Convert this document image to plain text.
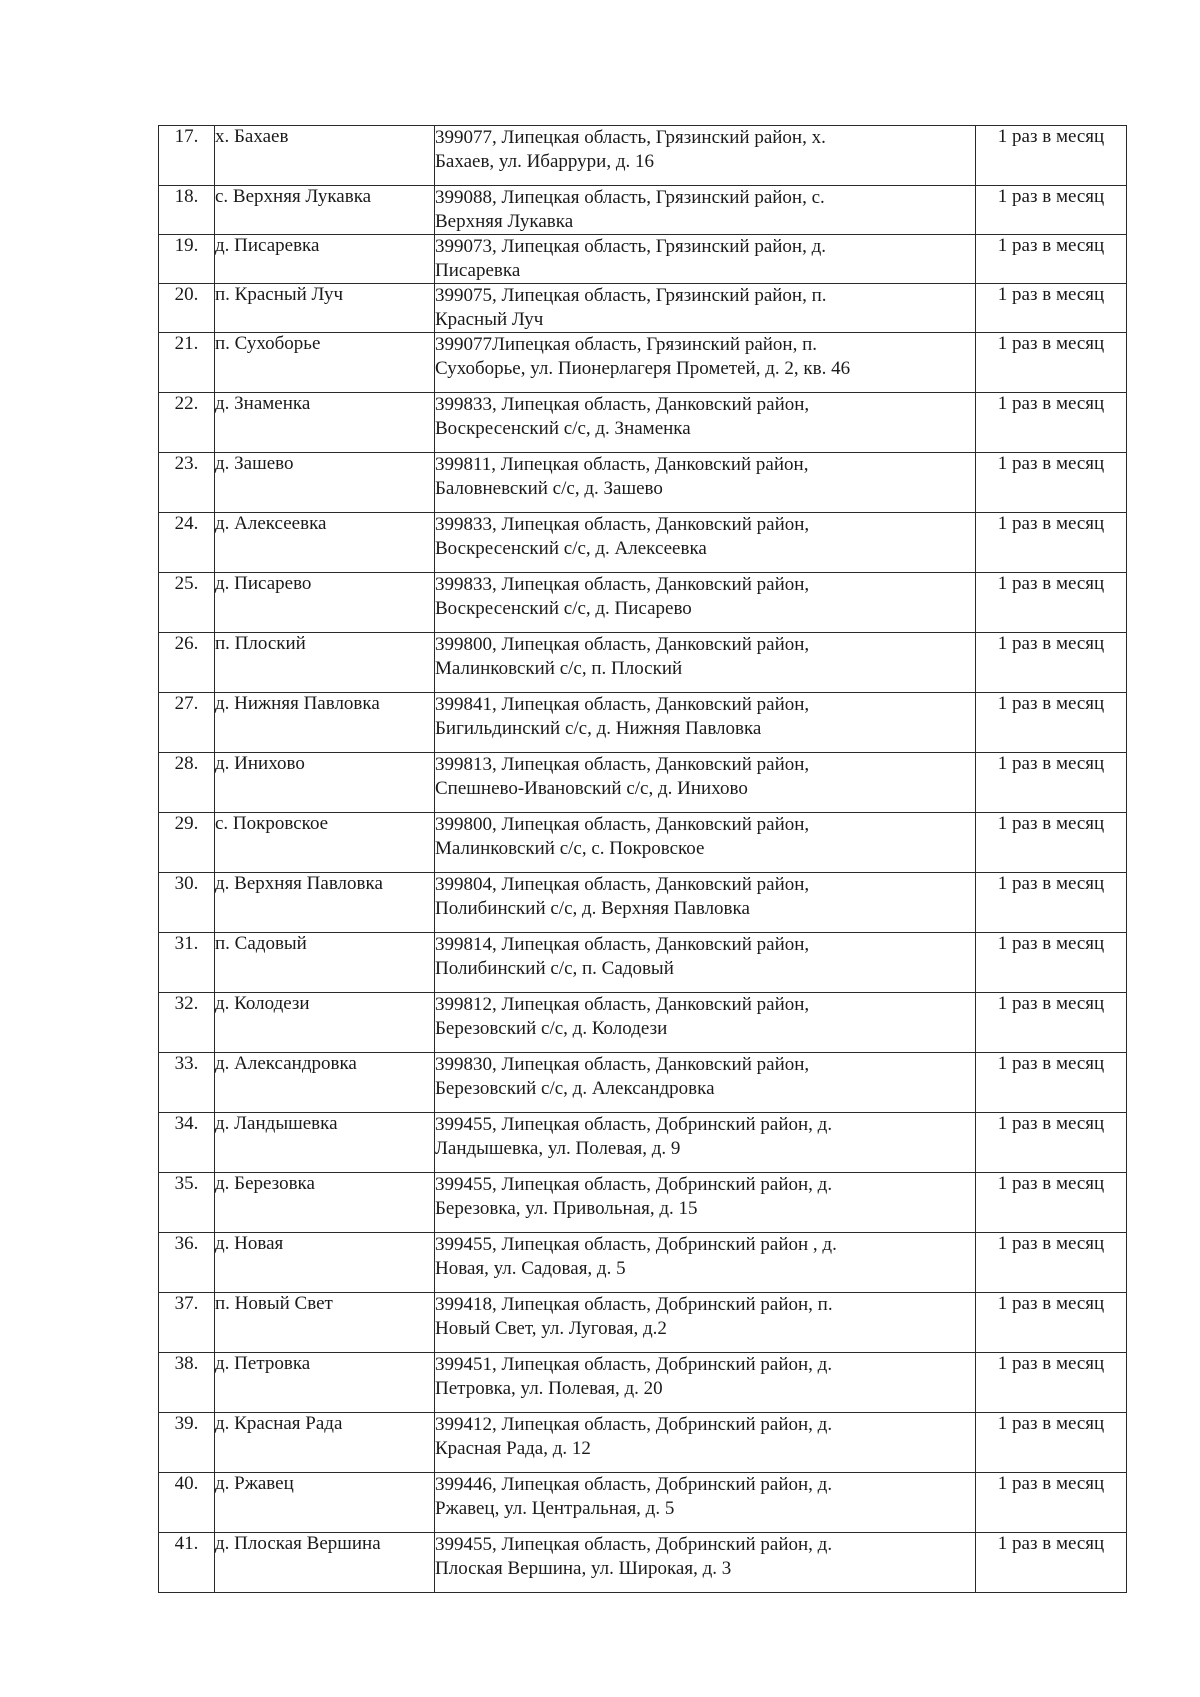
17.	х. Бахаев	399077, Липецкая область, Грязинский район, х.
Бахаев, ул. Ибаррури, д. 16	1 раз в месяц
18.	с. Верхняя Лукавка	399088, Липецкая область, Грязинский район, с.
Верхняя Лукавка	1 раз в месяц
19.	д. Писаревка	399073, Липецкая область, Грязинский район, д.
Писаревка	1 раз в месяц
20.	п. Красный Луч	399075, Липецкая область, Грязинский район, п.
Красный Луч	1 раз в месяц
21.	п. Сухоборье	399077Липецкая область, Грязинский район, п.
Сухоборье, ул. Пионерлагеря Прометей, д. 2, кв. 46	1 раз в месяц
22.	д. Знаменка	399833, Липецкая область, Данковский район,
Воскресенский с/с, д. Знаменка	1 раз в месяц
23.	д. Зашево	399811, Липецкая область, Данковский район,
Баловневский с/с, д. Зашево	1 раз в месяц
24.	д. Алексеевка	399833, Липецкая область, Данковский район,
Воскресенский с/с, д. Алексеевка	1 раз в месяц
25.	д. Писарево	399833, Липецкая область, Данковский район,
Воскресенский с/с, д. Писарево	1 раз в месяц
26.	п. Плоский	399800, Липецкая область, Данковский район,
Малинковский с/с, п. Плоский	1 раз в месяц
27.	д. Нижняя Павловка	399841, Липецкая область, Данковский район,
Бигильдинский с/с, д. Нижняя Павловка	1 раз в месяц
28.	д. Инихово	399813, Липецкая область, Данковский район,
Спешнево-Ивановский с/с, д. Инихово	1 раз в месяц
29.	с. Покровское	399800, Липецкая область, Данковский район,
Малинковский с/с, с. Покровское	1 раз в месяц
30.	д. Верхняя Павловка	399804, Липецкая область, Данковский район,
Полибинский с/с, д. Верхняя Павловка	1 раз в месяц
31.	п. Садовый	399814, Липецкая область, Данковский район,
Полибинский с/с, п. Садовый	1 раз в месяц
32.	д. Колодези	399812, Липецкая область, Данковский район,
Березовский с/с, д. Колодези	1 раз в месяц
33.	д. Александровка	399830, Липецкая область, Данковский район,
Березовский с/с, д. Александровка	1 раз в месяц
34.	д. Ландышевка	399455, Липецкая область, Добринский район, д.
Ландышевка, ул. Полевая, д. 9	1 раз в месяц
35.	д. Березовка	399455, Липецкая область, Добринский район, д.
Березовка, ул. Привольная, д. 15	1 раз в месяц
36.	д. Новая	399455, Липецкая область, Добринский район , д.
Новая, ул. Садовая, д. 5	1 раз в месяц
37.	п. Новый Свет	399418, Липецкая область, Добринский район, п.
Новый Свет, ул. Луговая, д.2	1 раз в месяц
38.	д. Петровка	399451, Липецкая область, Добринский район, д.
Петровка, ул. Полевая, д. 20	1 раз в месяц
39.	д. Красная Рада	399412, Липецкая область, Добринский район, д.
Красная Рада, д. 12	1 раз в месяц
40.	д. Ржавец	399446, Липецкая область, Добринский район, д.
Ржавец, ул. Центральная, д. 5	1 раз в месяц
41.	д. Плоская Вершина	399455, Липецкая область, Добринский район, д.
Плоская Вершина, ул. Широкая, д. 3	1 раз в месяц
